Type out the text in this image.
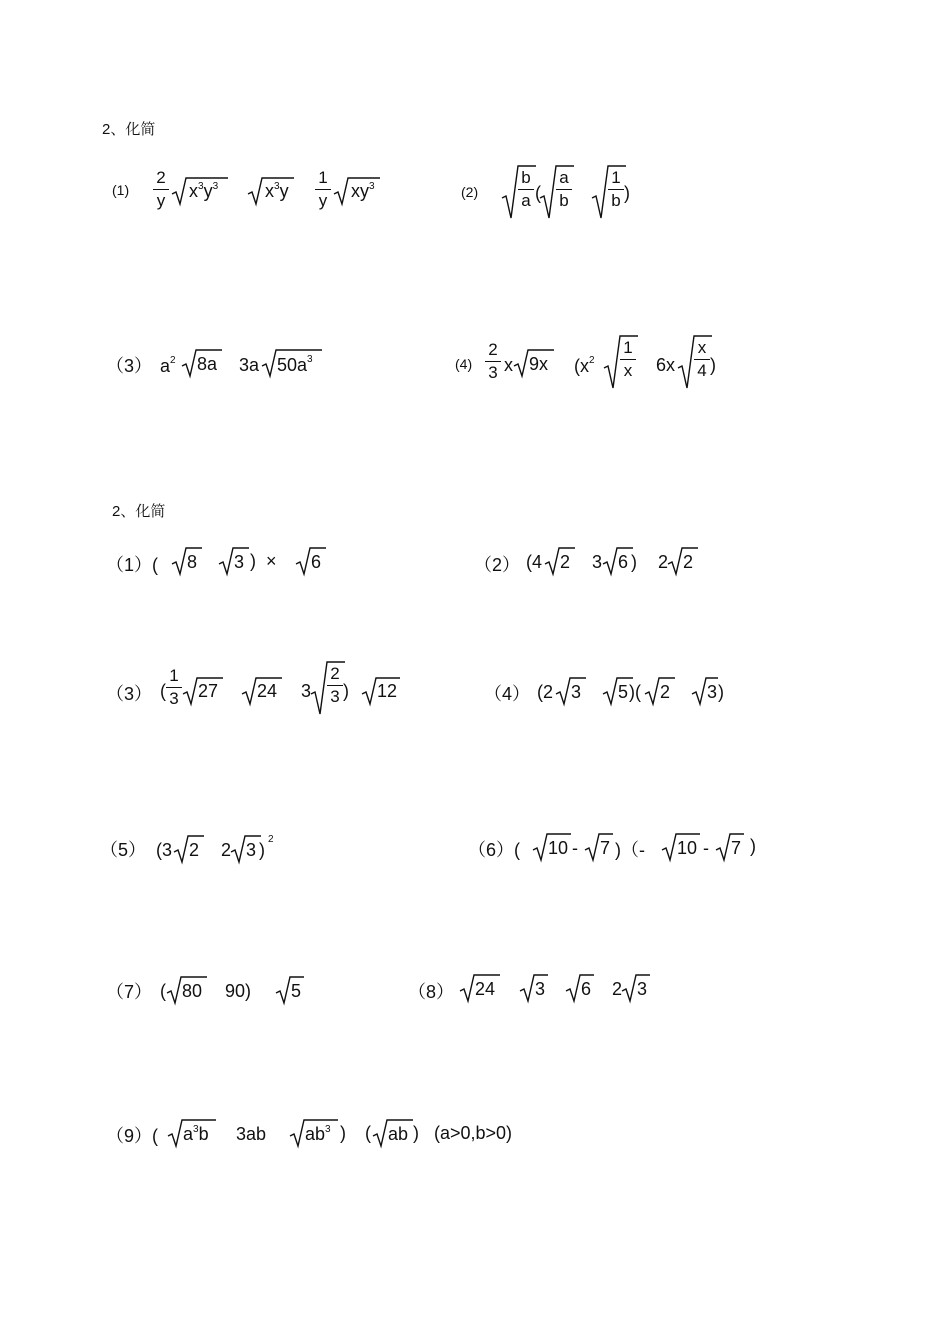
2、化简
(1)
2
y $x^3y^3$	$x^3y$
1
y $xy^3$	(2)
b
a (
a
b
1
b )
（3） $a^2$ 8a 3a $50a^3$	(4)
2
3 x 9x ($x^2$
1
x 6x
x
4 )
2、化简
（1）( 8 3 )  × 6	（2） (4 2 3 6 ) 2 2
（3） (
1
3 27 24 3
2
3 ) 12	（4） (2 3 5 )( 2 3 )
（5） (3 2 2 3 )
2
（6）( 10 - 7 )（- 10 - 7 )
（7） ( 80 90) 5	（8） 24 3 6 2 3
（9）( $a^3b$ 3ab $ab^3$ ) ( ab ) (a>0,b>0)
